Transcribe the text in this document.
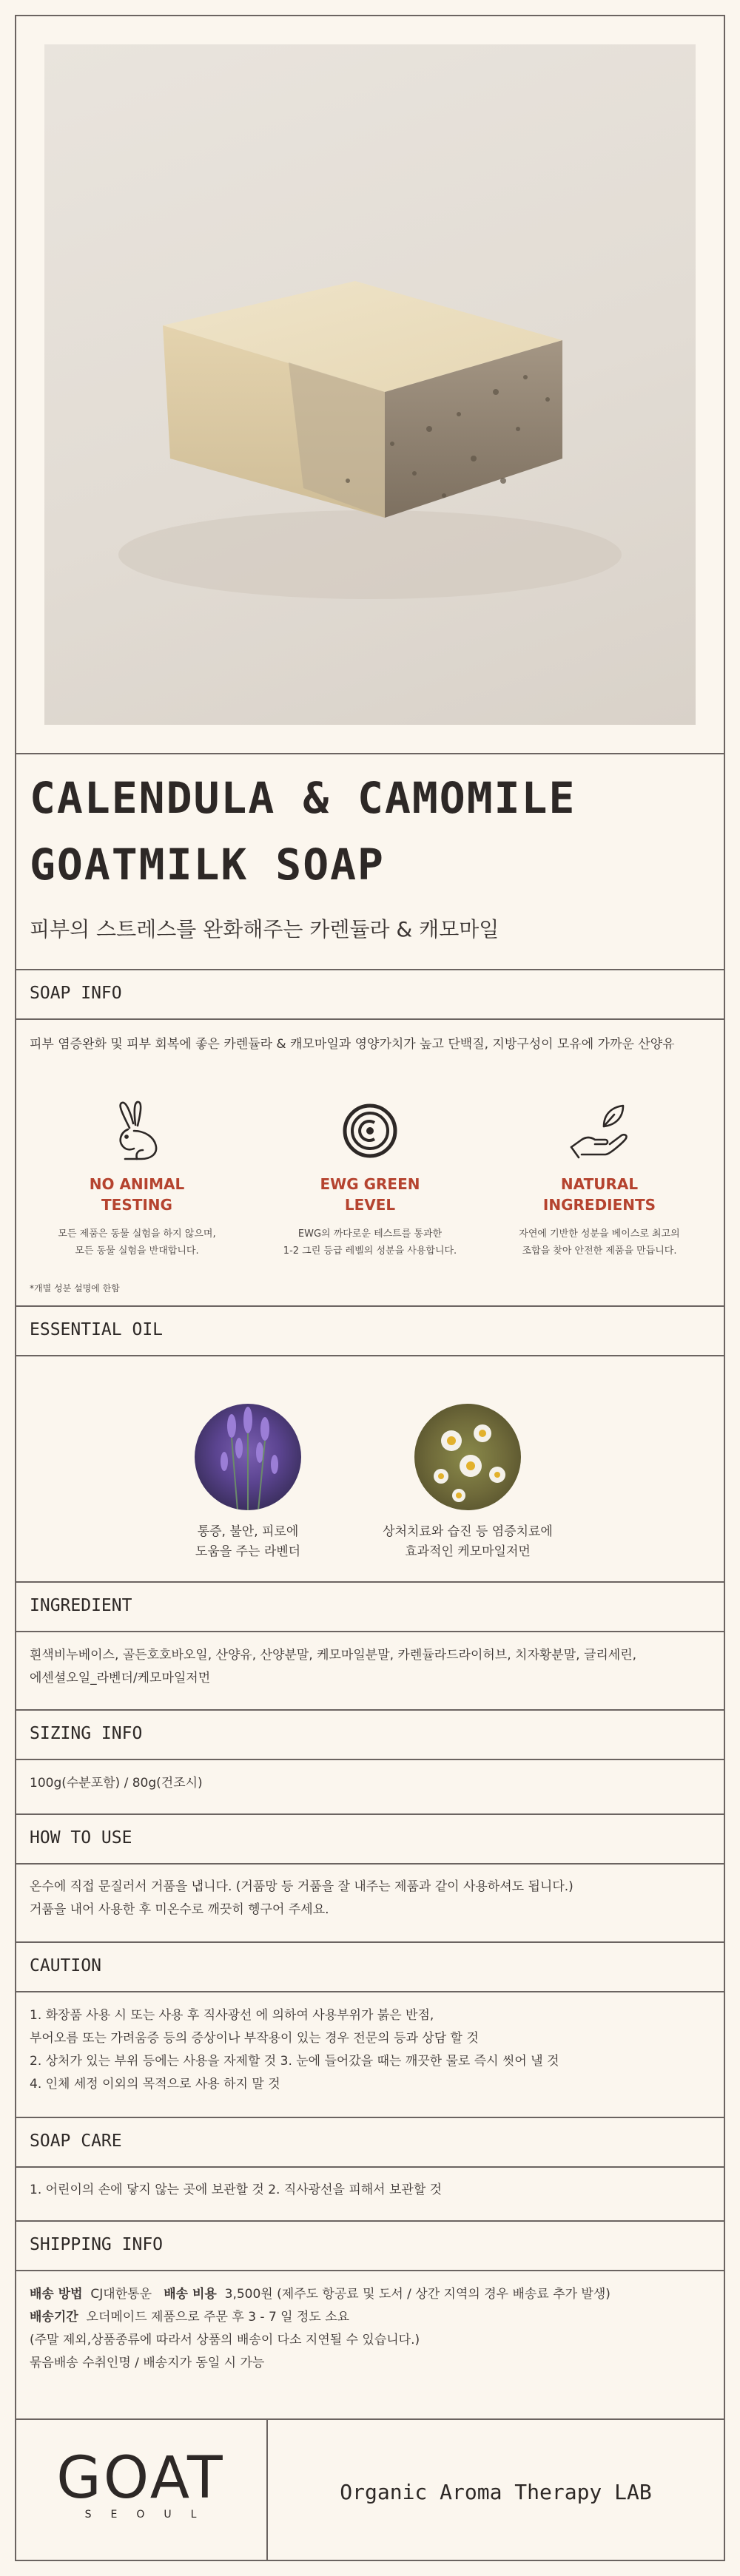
CALENDULA & CAMOMILE
GOATMILK SOAP
피부의 스트레스를 완화해주는 카렌듈라 & 캐모마일
SOAP INFO
피부 염증완화 및 피부 회복에 좋은 카렌듈라 & 캐모마일과 영양가치가 높고 단백질, 지방구성이 모유에 가까운 산양유
NO ANIMAL
TESTING
모든 제품은 동물 실험을 하지 않으며,
모든 동물 실험을 반대합니다.
EWG GREEN
LEVEL
EWG의 까다로운 테스트를 통과한
1-2 그린 등급 레벨의 성분을 사용합니다.
NATURAL
INGREDIENTS
자연에 기반한 성분을 베이스로 최고의
조합을 찾아 안전한 제품을 만듭니다.
*개별 성분 설명에 한함
ESSENTIAL OIL
통증, 불안, 피로에
도움을 주는 라벤더
상처치료와 습진 등 염증치료에
효과적인 케모마일저먼
INGREDIENT
흰색비누베이스, 골든호호바오일, 산양유, 산양분말, 케모마일분말, 카렌듈라드라이허브, 치자황분말, 글리세린,
에센셜오일_라벤더/케모마일저먼
SIZING INFO
100g(수분포함) / 80g(건조시)
HOW TO USE
온수에 직접 문질러서 거품을 냅니다. (거품망 등 거품을 잘 내주는 제품과 같이 사용하셔도 됩니다.)
거품을 내어 사용한 후 미온수로 깨끗히 헹구어 주세요.
CAUTION
1. 화장품 사용 시 또는 사용 후 직사광선 에 의하여 사용부위가 붉은 반점,
부어오름 또는 가려움증 등의 증상이나 부작용이 있는 경우 전문의 등과 상담 할 것
2. 상처가 있는 부위 등에는 사용을 자제할 것 3. 눈에 들어갔을 때는 깨끗한 물로 즉시 씻어 낼 것
4. 인체 세정 이외의 목적으로 사용 하지 말 것
SOAP CARE
1. 어린이의 손에 닿지 않는 곳에 보관할 것 2. 직사광선을 피해서 보관할 것
SHIPPING INFO
배송 방법 CJ대한통운 배송 비용 3,500원 (제주도 항공료 및 도서 / 상간 지역의 경우 배송료 추가 발생)
배송기간 오더메이드 제품으로 주문 후 3 - 7 일 정도 소요
(주말 제외,상품종류에 따라서 상품의 배송이 다소 지연될 수 있습니다.)
묶음배송 수취인명 / 배송지가 동일 시 가능
GOAT
SEOUL
Organic Aroma Therapy LAB
